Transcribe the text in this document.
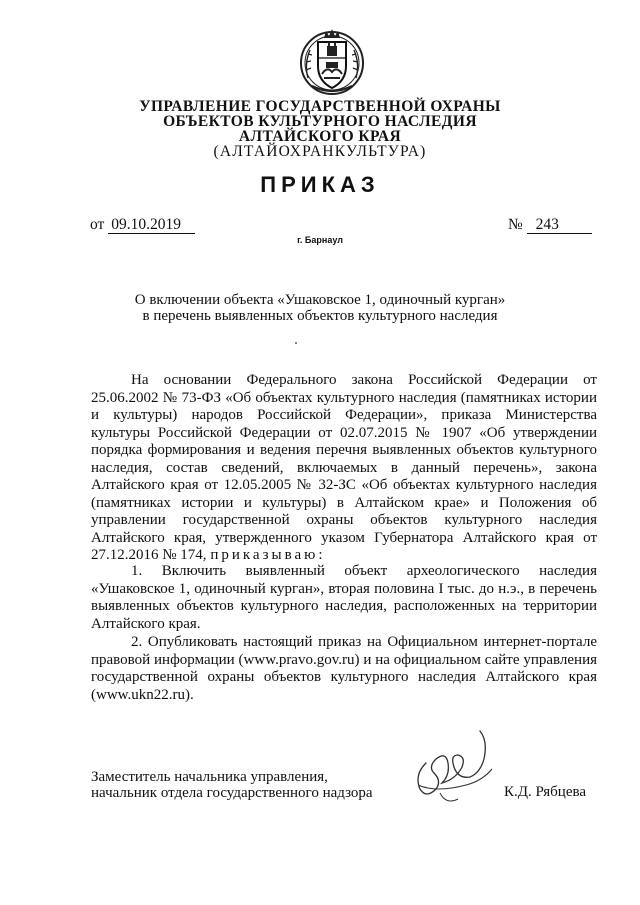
УПРАВЛЕНИЕ ГОСУДАРСТВЕННОЙ ОХРАНЫ
ОБЪЕКТОВ КУЛЬТУРНОГО НАСЛЕДИЯ
АЛТАЙСКОГО КРАЯ
(АЛТАЙОХРАНКУЛЬТУРА)
ПРИКАЗ
от 09.10.2019	№ 243
г. Барнаул
О включении объекта «Ушаковское 1, одиночный курган»
в перечень выявленных объектов культурного наследия

На основании Федерального закона Российской Федерации от 25.06.2002 № 73-ФЗ «Об объектах культурного наследия (памятниках истории и культуры) народов Российской Федерации», приказа Министерства культуры Российской Федерации от 02.07.2015 № 1907 «Об утверждении порядка формирования и ведения перечня выявленных объектов культурного наследия, состав сведений, включаемых в данный перечень», закона Алтайского края от 12.05.2005 № 32-ЗС «Об объектах культурного наследия (памятниках истории и культуры) в Алтайском крае» и Положения об управлении государственной охраны объектов культурного наследия Алтайского края, утвержденного указом Губернатора Алтайского края от 27.12.2016 № 174, приказываю:

1. Включить выявленный объект археологического наследия «Ушаковское 1, одиночный курган», вторая половина I тыс. до н.э., в перечень выявленных объектов культурного наследия, расположенных на территории Алтайского края.

2. Опубликовать настоящий приказ на Официальном интернет-портале правовой информации (www.pravo.gov.ru) и на официальном сайте управления государственной охраны объектов культурного наследия Алтайского края (www.ukn22.ru).

Заместитель начальника управления,
начальник отдела государственного надзора	К.Д. Рябцева
